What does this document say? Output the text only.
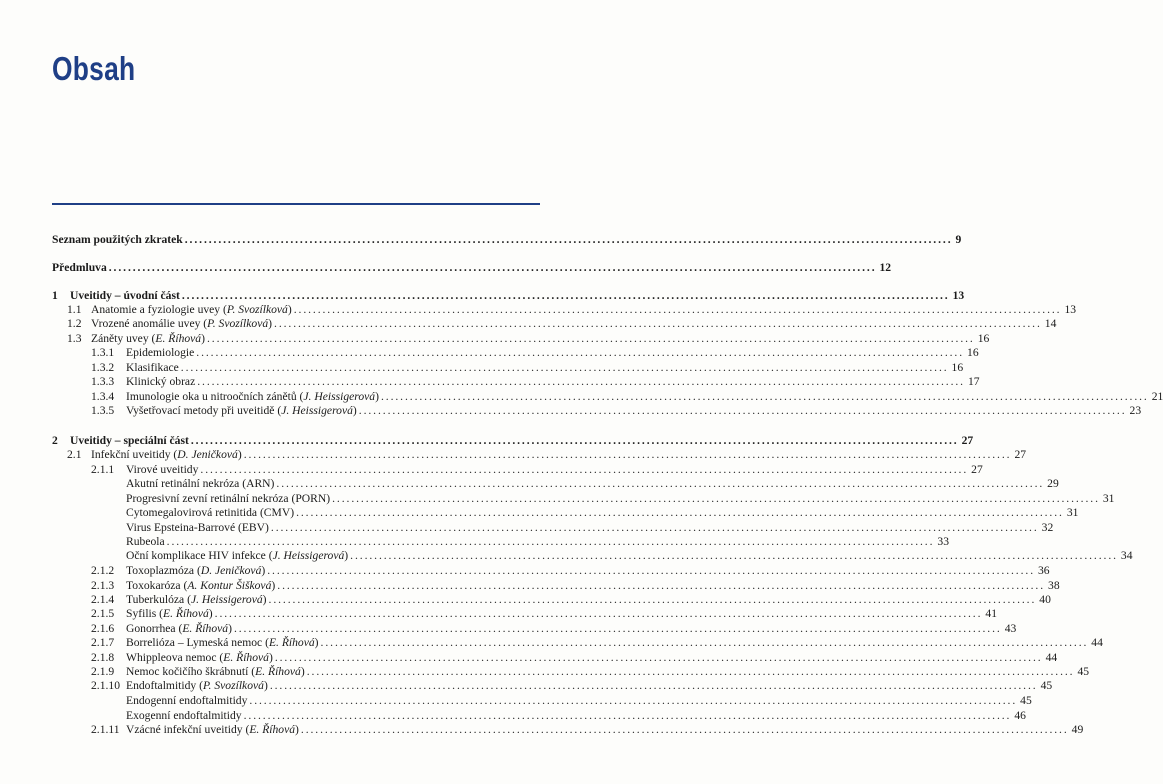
Obsah
Seznam použitých zkratek ................................................................................................................................................................ 9
Předmluva ................................................................................................................................................................ 12
1	Uveitidy – úvodní část ................................................................................................................................................................ 13
1.1 Anatomie a fyziologie uvey (P. Svozílková) ................................................................................................................................................................ 13
1.2 Vrozené anomálie uvey (P. Svozílková) ................................................................................................................................................................ 14
1.3 Záněty uvey (E. Říhová) ................................................................................................................................................................ 16
1.3.1	Epidemiologie ................................................................................................................................................................ 16
1.3.2	Klasifikace ................................................................................................................................................................ 16
1.3.3	Klinický obraz ................................................................................................................................................................ 17
1.3.4	Imunologie oka u nitroočních zánětů (J. Heissigerová) ................................................................................................................................................................ 21
1.3.5	Vyšetřovací metody při uveitidě (J. Heissigerová) ................................................................................................................................................................ 23
2	Uveitidy – speciální část ................................................................................................................................................................ 27
2.1 Infekční uveitidy (D. Jeničková) ................................................................................................................................................................ 27
2.1.1	Virové uveitidy ................................................................................................................................................................ 27
Akutní retinální nekróza (ARN) ................................................................................................................................................................ 29
Progresivní zevní retinální nekróza (PORN) ................................................................................................................................................................ 31
Cytomegalovirová retinitida (CMV) ................................................................................................................................................................ 31
Virus Epsteina-Barrové (EBV) ................................................................................................................................................................ 32
Rubeola ................................................................................................................................................................ 33
Oční komplikace HIV infekce (J. Heissigerová) ................................................................................................................................................................ 34
2.1.2	Toxoplazmóza (D. Jeničková) ................................................................................................................................................................ 36
2.1.3	Toxokaróza (A. Kontur Šišková) ................................................................................................................................................................ 38
2.1.4	Tuberkulóza (J. Heissigerová) ................................................................................................................................................................ 40
2.1.5	Syfilis (E. Říhová) ................................................................................................................................................................ 41
2.1.6	Gonorrhea (E. Říhová) ................................................................................................................................................................ 43
2.1.7	Borrelióza – Lymeská nemoc (E. Říhová) ................................................................................................................................................................ 44
2.1.8	Whippleova nemoc (E. Říhová) ................................................................................................................................................................ 44
2.1.9	Nemoc kočičího škrábnutí (E. Říhová) ................................................................................................................................................................ 45
2.1.10 Endoftalmitidy (P. Svozílková) ................................................................................................................................................................ 45
Endogenní endoftalmitidy ................................................................................................................................................................ 45
Exogenní endoftalmitidy ................................................................................................................................................................ 46
2.1.11 Vzácné infekční uveitidy (E. Říhová) ................................................................................................................................................................ 49
